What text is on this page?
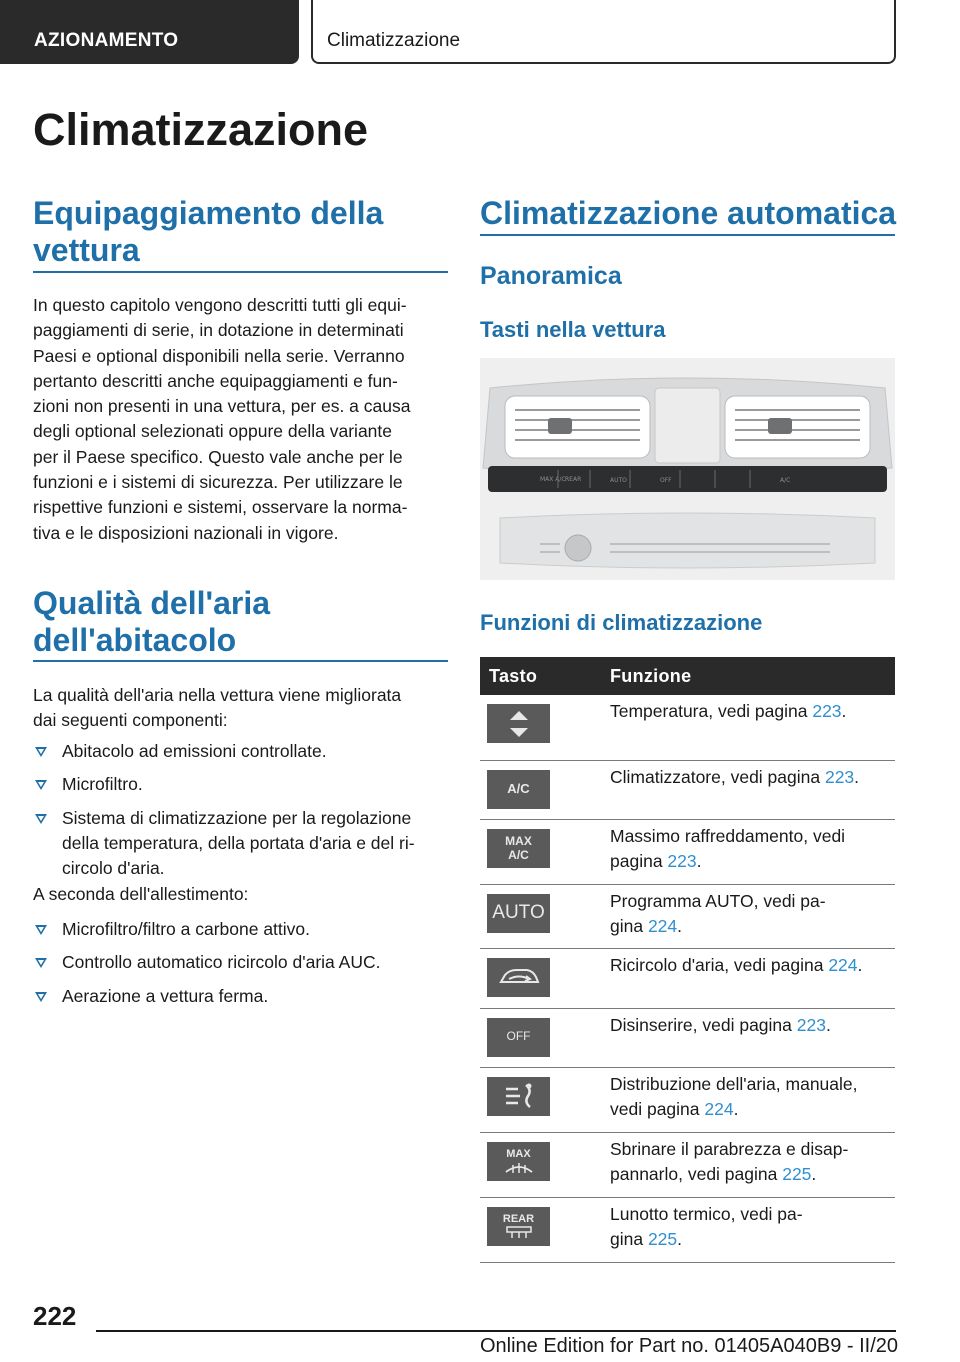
AZIONAMENTO	Climatizzazione
Climatizzazione
Equipaggiamento della
vettura
In questo capitolo vengono descritti tutti gli equi‐
paggiamenti di serie, in dotazione in determinati
Paesi e optional disponibili nella serie. Verranno
pertanto descritti anche equipaggiamenti e fun‐
zioni non presenti in una vettura, per es. a causa
degli optional selezionati oppure della variante
per il Paese specifico. Questo vale anche per le
funzioni e i sistemi di sicurezza. Per utilizzare le
rispettive funzioni e sistemi, osservare la norma‐
tiva e le disposizioni nazionali in vigore.
Qualità dell'aria
dell'abitacolo
La qualità dell'aria nella vettura viene migliorata
dai seguenti componenti:
Abitacolo ad emissioni controllate.
Microfiltro.
Sistema di climatizzazione per la regolazione
della temperatura, della portata d'aria e del ri‐
circolo d'aria.
A seconda dell'allestimento:
Microfiltro/filtro a carbone attivo.
Controllo automatico ricircolo d'aria AUC.
Aerazione a vettura ferma.
Climatizzazione automatica
Panoramica
Tasti nella vettura
MAX A/C REAR	AUTO	OFF	A/C
Funzioni di climatizzazione
Tasto	Funzione

	Temperatura, vedi pagina 223.

A/C	Climatizzatore, vedi pagina 223.

MAX A/C	Massimo raffreddamento, vedi
pagina 223.

AUTO	Programma AUTO, vedi pa‐
gina 224.

	Ricircolo d'aria, vedi pagina 224.

OFF	Disinserire, vedi pagina 223.

	Distribuzione dell'aria, manuale,
vedi pagina 224.

MAX	Sbrinare il parabrezza e disap‐
pannarlo, vedi pagina 225.

REAR	Lunotto termico, vedi pa‐
gina 225.
222
Online Edition for Part no. 01405A040B9 - II/20
